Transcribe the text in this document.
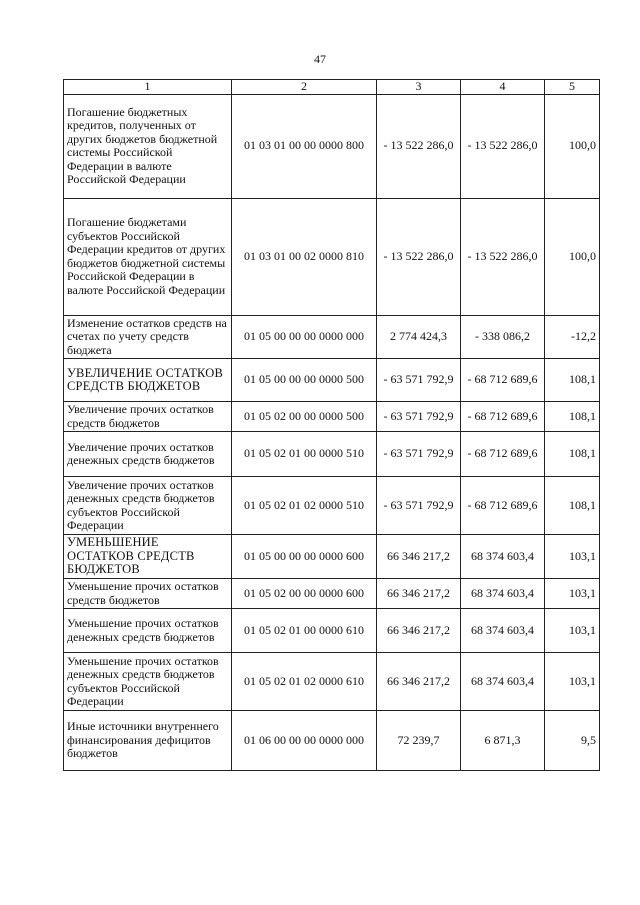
47
1	2	3	4	5
Погашение бюджетных кредитов, полученных от других бюджетов бюджетной системы Российской Федерации в валюте Российской Федерации	01 03 01 00 00 0000 800	- 13 522 286,0	- 13 522 286,0	100,0
Погашение бюджетами субъектов Российской Федерации кредитов от других бюджетов бюджетной системы Российской Федерации в валюте Российской Федерации	01 03 01 00 02 0000 810	- 13 522 286,0	- 13 522 286,0	100,0
Изменение остатков средств на счетах по учету средств бюджета	01 05 00 00 00 0000 000	2 774 424,3	- 338 086,2	-12,2
УВЕЛИЧЕНИЕ ОСТАТКОВ СРЕДСТВ БЮДЖЕТОВ	01 05 00 00 00 0000 500	- 63 571 792,9	- 68 712 689,6	108,1
Увеличение прочих остатков средств бюджетов	01 05 02 00 00 0000 500	- 63 571 792,9	- 68 712 689,6	108,1
Увеличение прочих остатков денежных средств бюджетов	01 05 02 01 00 0000 510	- 63 571 792,9	- 68 712 689,6	108,1
Увеличение прочих остатков денежных средств бюджетов субъектов Российской Федерации	01 05 02 01 02 0000 510	- 63 571 792,9	- 68 712 689,6	108,1
УМЕНЬШЕНИЕ ОСТАТКОВ СРЕДСТВ БЮДЖЕТОВ	01 05 00 00 00 0000 600	66 346 217,2	68 374 603,4	103,1
Уменьшение прочих остатков средств бюджетов	01 05 02 00 00 0000 600	66 346 217,2	68 374 603,4	103,1
Уменьшение прочих остатков денежных средств бюджетов	01 05 02 01 00 0000 610	66 346 217,2	68 374 603,4	103,1
Уменьшение прочих остатков денежных средств бюджетов субъектов Российской Федерации	01 05 02 01 02 0000 610	66 346 217,2	68 374 603,4	103,1
Иные источники внутреннего финансирования дефицитов бюджетов	01 06 00 00 00 0000 000	72 239,7	6 871,3	9,5
